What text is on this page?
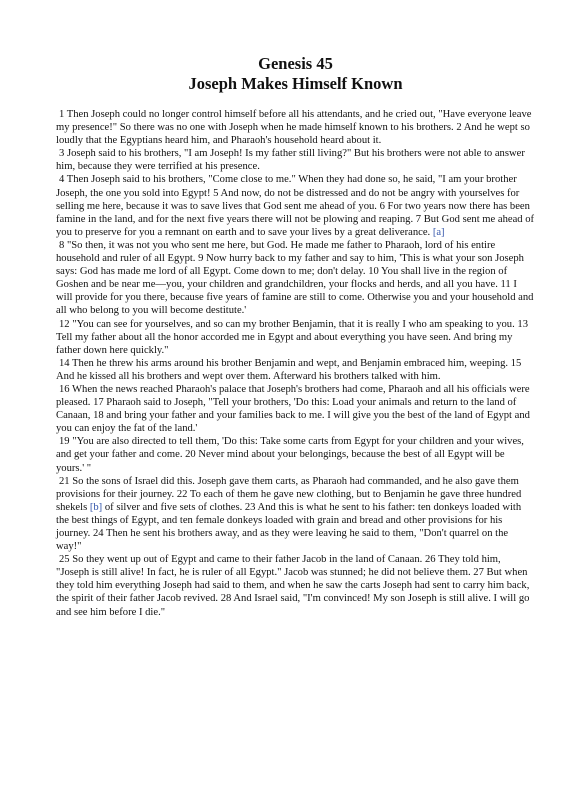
Genesis 45
Joseph Makes Himself Known

1 Then Joseph could no longer control himself before all his attendants, and he cried out, "Have everyone leave my presence!" So there was no one with Joseph when he made himself known to his brothers. 2 And he wept so loudly that the Egyptians heard him, and Pharaoh's household heard about it.

3 Joseph said to his brothers, "I am Joseph! Is my father still living?" But his brothers were not able to answer him, because they were terrified at his presence.

4 Then Joseph said to his brothers, "Come close to me." When they had done so, he said, "I am your brother Joseph, the one you sold into Egypt! 5 And now, do not be distressed and do not be angry with yourselves for selling me here, because it was to save lives that God sent me ahead of you. 6 For two years now there has been famine in the land, and for the next five years there will not be plowing and reaping. 7 But God sent me ahead of you to preserve for you a remnant on earth and to save your lives by a great deliverance. [a]

8 "So then, it was not you who sent me here, but God. He made me father to Pharaoh, lord of his entire household and ruler of all Egypt. 9 Now hurry back to my father and say to him, 'This is what your son Joseph says: God has made me lord of all Egypt. Come down to me; don't delay. 10 You shall live in the region of Goshen and be near me—you, your children and grandchildren, your flocks and herds, and all you have. 11 I will provide for you there, because five years of famine are still to come. Otherwise you and your household and all who belong to you will become destitute.'

12 "You can see for yourselves, and so can my brother Benjamin, that it is really I who am speaking to you. 13 Tell my father about all the honor accorded me in Egypt and about everything you have seen. And bring my father down here quickly."

14 Then he threw his arms around his brother Benjamin and wept, and Benjamin embraced him, weeping. 15 And he kissed all his brothers and wept over them. Afterward his brothers talked with him.

16 When the news reached Pharaoh's palace that Joseph's brothers had come, Pharaoh and all his officials were pleased. 17 Pharaoh said to Joseph, "Tell your brothers, 'Do this: Load your animals and return to the land of Canaan, 18 and bring your father and your families back to me. I will give you the best of the land of Egypt and you can enjoy the fat of the land.'

19 "You are also directed to tell them, 'Do this: Take some carts from Egypt for your children and your wives, and get your father and come. 20 Never mind about your belongings, because the best of all Egypt will be yours.' "

21 So the sons of Israel did this. Joseph gave them carts, as Pharaoh had commanded, and he also gave them provisions for their journey. 22 To each of them he gave new clothing, but to Benjamin he gave three hundred shekels [b] of silver and five sets of clothes. 23 And this is what he sent to his father: ten donkeys loaded with the best things of Egypt, and ten female donkeys loaded with grain and bread and other provisions for his journey. 24 Then he sent his brothers away, and as they were leaving he said to them, "Don't quarrel on the way!"

25 So they went up out of Egypt and came to their father Jacob in the land of Canaan. 26 They told him, "Joseph is still alive! In fact, he is ruler of all Egypt." Jacob was stunned; he did not believe them. 27 But when they told him everything Joseph had said to them, and when he saw the carts Joseph had sent to carry him back, the spirit of their father Jacob revived. 28 And Israel said, "I'm convinced! My son Joseph is still alive. I will go and see him before I die."
